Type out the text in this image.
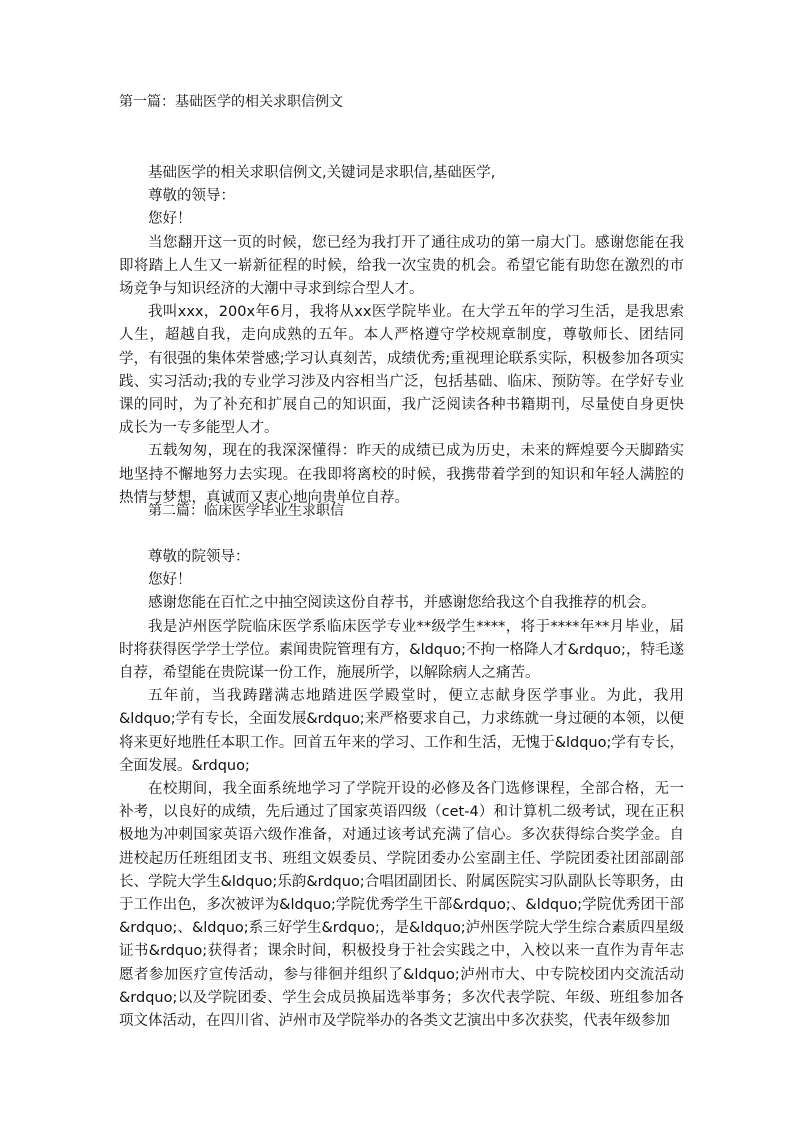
第一篇：基础医学的相关求职信例文

基础医学的相关求职信例文,关键词是求职信,基础医学,

尊敬的领导：

您好！

当您翻开这一页的时候，您已经为我打开了通往成功的第一扇大门。感谢您能在我即将踏上人生又一崭新征程的时候，给我一次宝贵的机会。希望它能有助您在激烈的市场竞争与知识经济的大潮中寻求到综合型人才。

我叫xxx，200x年6月，我将从xx医学院毕业。在大学五年的学习生活，是我思索人生，超越自我，走向成熟的五年。本人严格遵守学校规章制度，尊敬师长、团结同学，有很强的集体荣誉感;学习认真刻苦，成绩优秀;重视理论联系实际，积极参加各项实践、实习活动;我的专业学习涉及内容相当广泛，包括基础、临床、预防等。在学好专业课的同时，为了补充和扩展自己的知识面，我广泛阅读各种书籍期刊，尽量使自身更快成长为一专多能型人才。

五载匆匆，现在的我深深懂得：昨天的成绩已成为历史，未来的辉煌要今天脚踏实地坚持不懈地努力去实现。在我即将离校的时候，我携带着学到的知识和年轻人满腔的热情与梦想，真诚而又衷心地向贵单位自荐。

第二篇：临床医学毕业生求职信

尊敬的院领导：

您好！

感谢您能在百忙之中抽空阅读这份自荐书，并感谢您给我这个自我推荐的机会。

我是泸州医学院临床医学系临床医学专业**级学生****，将于****年**月毕业，届时将获得医学学士学位。素闻贵院管理有方，&ldquo;不拘一格降人才&rdquo;，特毛遂自荐，希望能在贵院谋一份工作，施展所学，以解除病人之痛苦。

五年前，当我踌躇满志地踏进医学殿堂时，便立志献身医学事业。为此，我用&ldquo;学有专长，全面发展&rdquo;来严格要求自己，力求练就一身过硬的本领，以便将来更好地胜任本职工作。回首五年来的学习、工作和生活，无愧于&ldquo;学有专长，全面发展。&rdquo;

在校期间，我全面系统地学习了学院开设的必修及各门选修课程，全部合格，无一补考，以良好的成绩，先后通过了国家英语四级（cet-4）和计算机二级考试，现在正积极地为冲刺国家英语六级作准备，对通过该考试充满了信心。多次获得综合奖学金。自进校起历任班组团支书、班组文娱委员、学院团委办公室副主任、学院团委社团部副部长、学院大学生&ldquo;乐韵&rdquo;合唱团副团长、附属医院实习队副队长等职务，由于工作出色，多次被评为&ldquo;学院优秀学生干部&rdquo;、&ldquo;学院优秀团干部&rdquo;、&ldquo;系三好学生&rdquo;，是&ldquo;泸州医学院大学生综合素质四星级证书&rdquo;获得者；课余时间，积极投身于社会实践之中，入校以来一直作为青年志愿者参加医疗宣传活动，参与徘徊并组织了&ldquo;泸州市大、中专院校团内交流活动&rdquo;以及学院团委、学生会成员换届选举事务；多次代表学院、年级、班组参加各项文体活动，在四川省、泸州市及学院举办的各类文艺演出中多次获奖，代表年级参加
